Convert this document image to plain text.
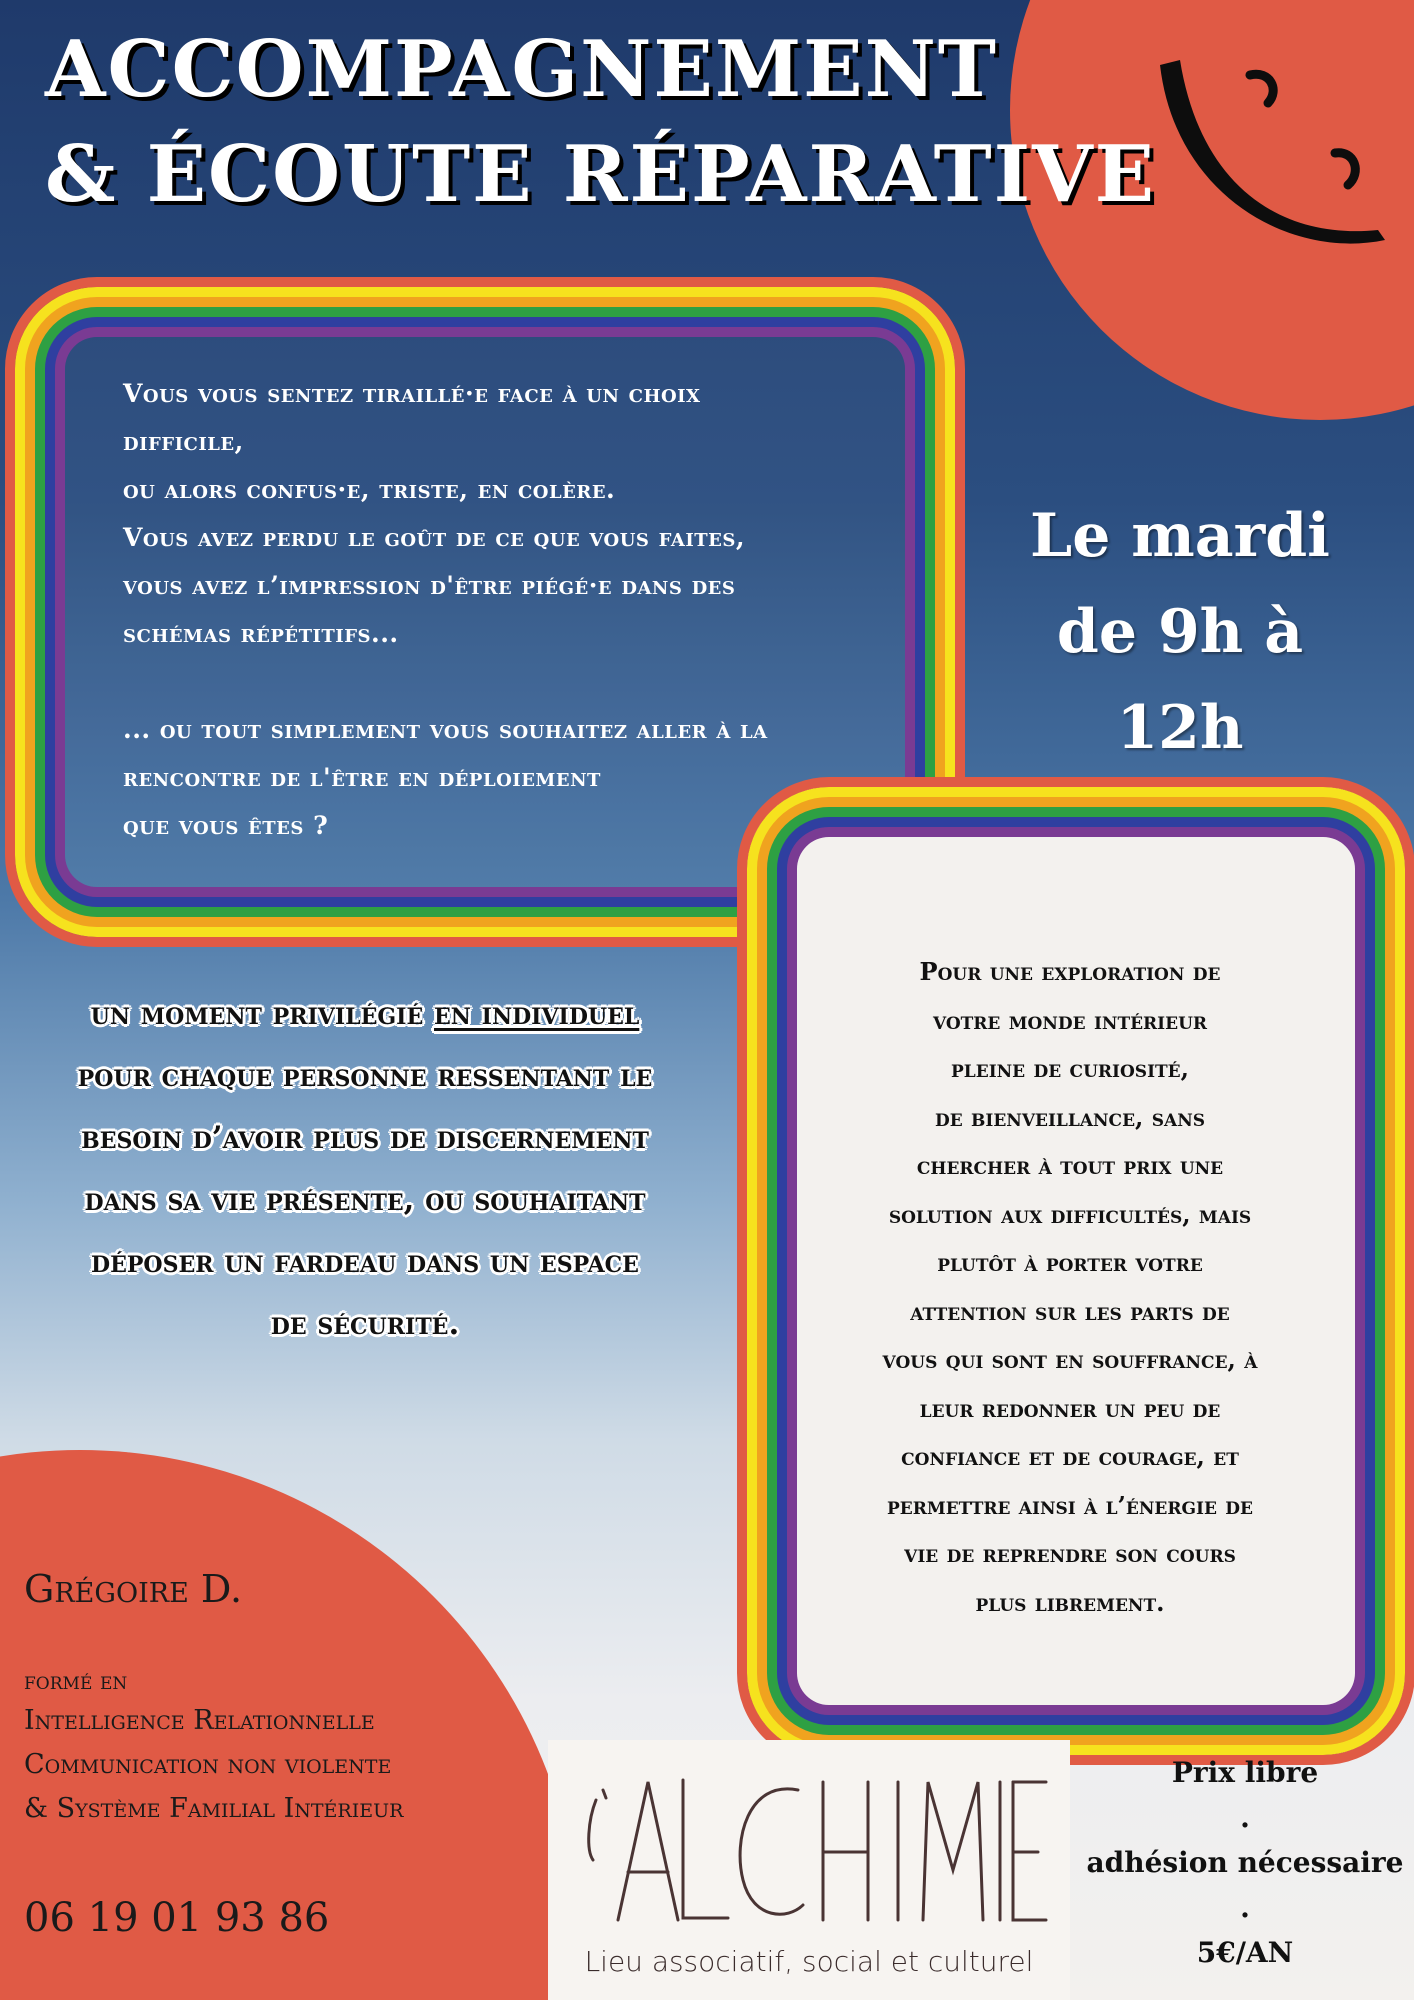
ACCOMPAGNEMENT
& ÉCOUTE RÉPARATIVE

Vous vous sentez tiraillé·e face à un choix

difficile,

ou alors confus·e, triste, en colère.

Vous avez perdu le goût de ce que vous faites,

vous avez l’impression d'être piégé·e dans des

schémas répétitifs...

... ou tout simplement vous souhaitez aller à la

rencontre de l'être en déploiement

que vous êtes ?

Le mardi

de 9h à 12h

Pour une exploration de

votre monde intérieur

pleine de curiosité,

de bienveillance, sans

chercher à tout prix une

solution aux difficultés, mais

plutôt à porter votre

attention sur les parts de

vous qui sont en souffrance, à

leur redonner un peu de

confiance et de courage, et

permettre ainsi à l’énergie de

vie de reprendre son cours

plus librement.

un moment privilégié en individuel pour chaque personne ressentant le besoin d’avoir plus de discernement dans sa vie présente, ou souhaitant déposer un fardeau dans un espace de sécurité.
Grégoire D.
formé en
Intelligence Relationnelle
Communication non violente
& Système Familial Intérieur
06 19 01 93 86
Lieu associatif, social et culturel

Prix libre

.

adhésion nécessaire

.

5€/AN
